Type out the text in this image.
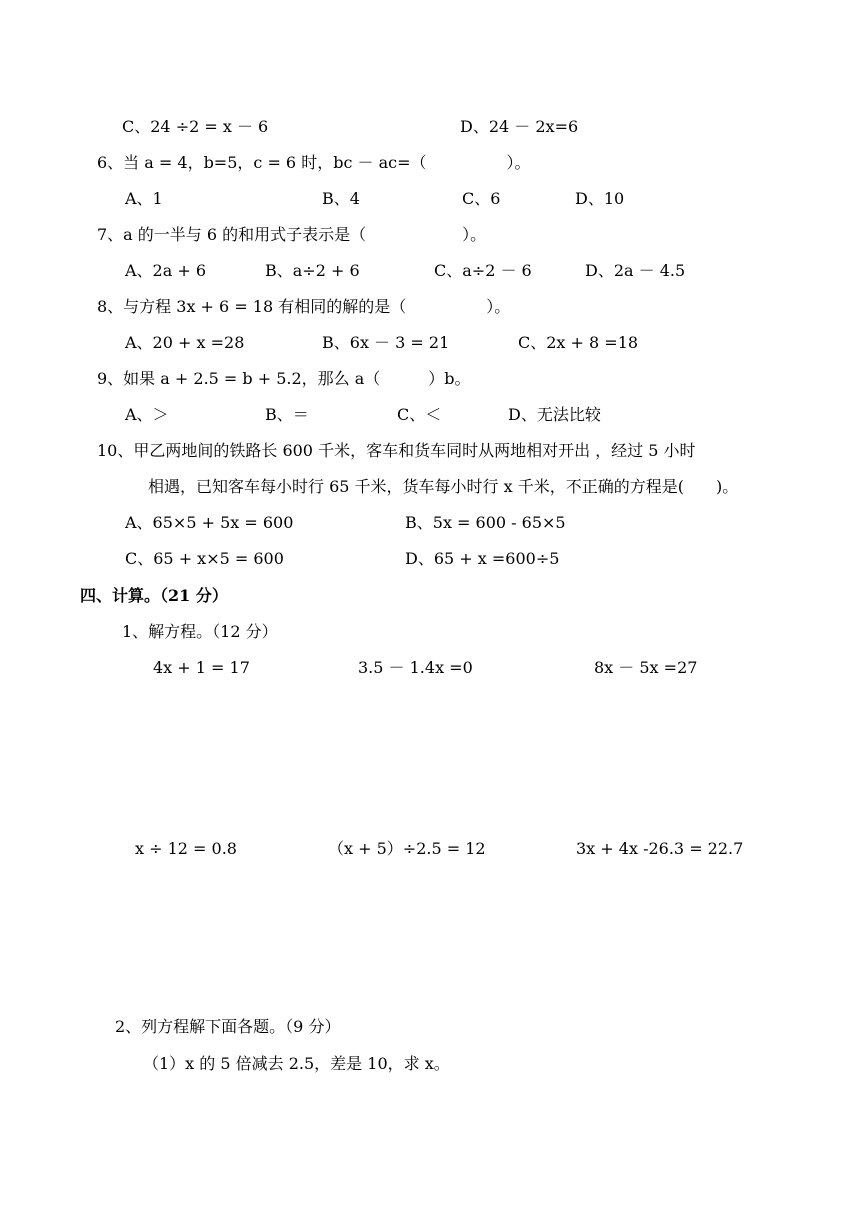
C、24 ÷2 = x － 6	D、24 － 2x=6
6、当 a = 4，b=5，c = 6 时，bc － ac=（　　　　　）。
A、1	B、4	C、6	D、10
7、a 的一半与 6 的和用式子表示是（　　　　　　）。
A、2a + 6	B、a÷2 + 6	C、a÷2 － 6	D、2a － 4.5
8、与方程 3x + 6 = 18 有相同的解的是（　　　　　）。
A、20 + x =28	B、6x － 3 = 21	C、2x + 8 =18
9、如果 a + 2.5 = b + 5.2，那么 a（　　　）b。
A、＞	B、＝	C、＜	D、无法比较
10、甲乙两地间的铁路长 600 千米，客车和货车同时从两地相对开出 ，经过 5 小时
相遇，已知客车每小时行 65 千米，货车每小时行 x 千米，不正确的方程是(　　)。
A、65×5 + 5x = 600	B、5x = 600 - 65×5
C、65 + x×5 = 600	D、65 + x =600÷5
四、计算。（21 分）
1、解方程。（12 分）
4x + 1 = 17	3.5 － 1.4x =0	8x － 5x =27
x ÷ 12 = 0.8	（x + 5）÷2.5 = 12	3x + 4x -26.3 = 22.7
2、列方程解下面各题。（9 分）
（1）x 的 5 倍减去 2.5，差是 10，求 x。
